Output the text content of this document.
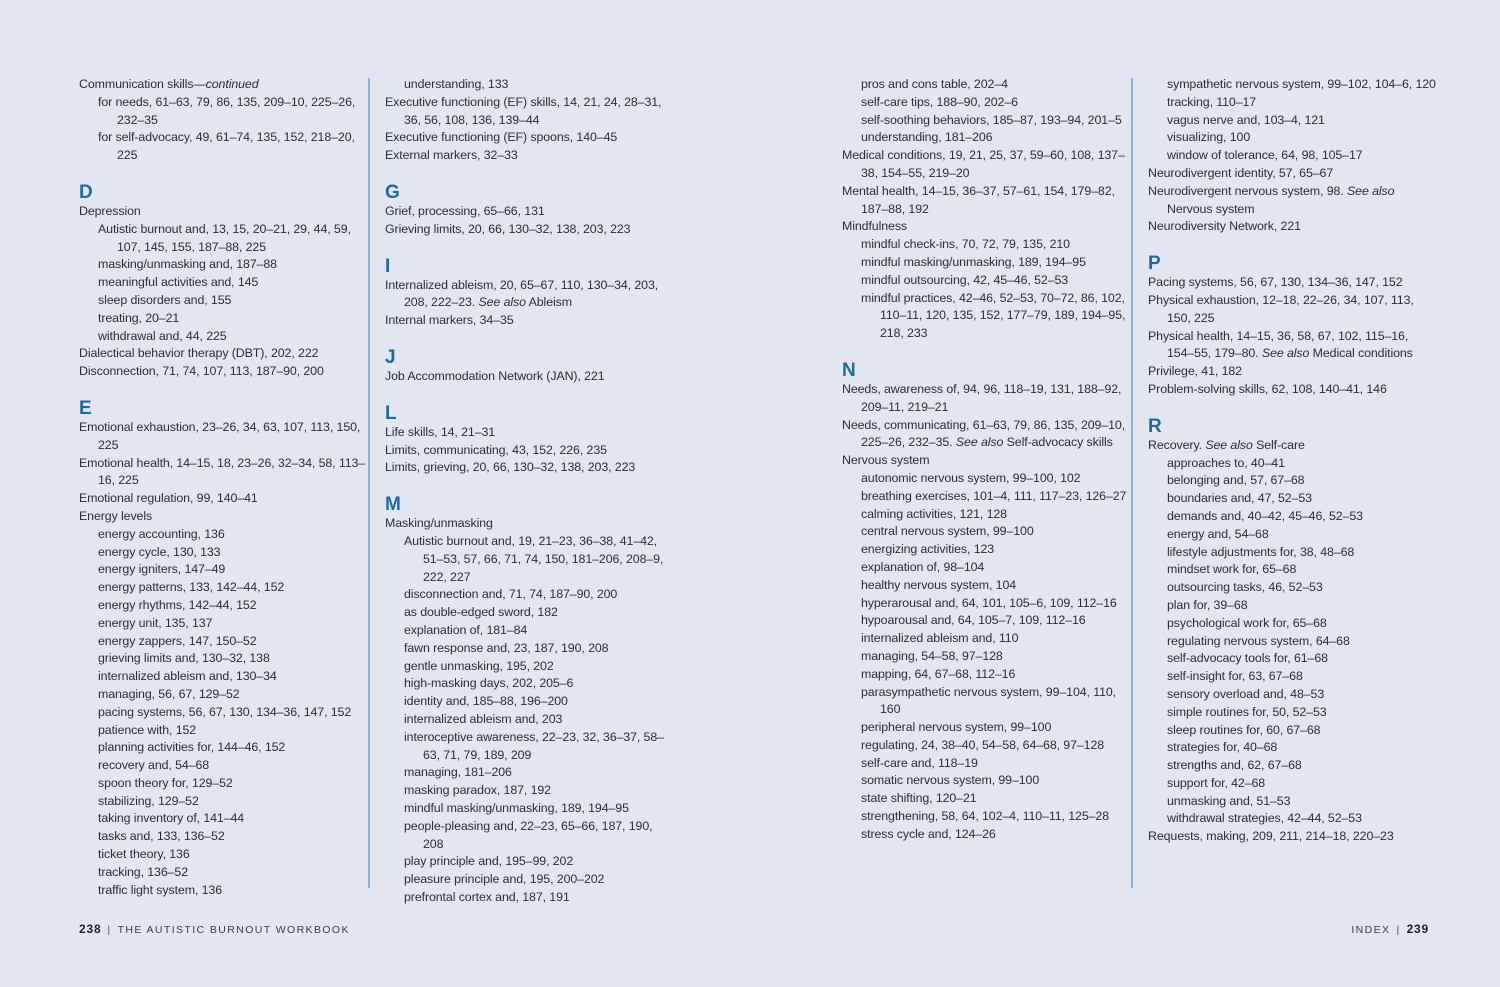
Communication skills—continued

for needs, 61–63, 79, 86, 135, 209–10, 225–26, 232–35

for self-advocacy, 49, 61–74, 135, 152, 218–20, 225

D

Depression

Autistic burnout and, 13, 15, 20–21, 29, 44, 59, 107, 145, 155, 187–88, 225

masking/unmasking and, 187–88

meaningful activities and, 145

sleep disorders and, 155

treating, 20–21

withdrawal and, 44, 225

Dialectical behavior therapy (DBT), 202, 222

Disconnection, 71, 74, 107, 113, 187–90, 200

E

Emotional exhaustion, 23–26, 34, 63, 107, 113, 150, 225

Emotional health, 14–15, 18, 23–26, 32–34, 58, 113–16, 225

Emotional regulation, 99, 140–41

Energy levels

energy accounting, 136

energy cycle, 130, 133

energy igniters, 147–49

energy patterns, 133, 142–44, 152

energy rhythms, 142–44, 152

energy unit, 135, 137

energy zappers, 147, 150–52

grieving limits and, 130–32, 138

internalized ableism and, 130–34

managing, 56, 67, 129–52

pacing systems, 56, 67, 130, 134–36, 147, 152

patience with, 152

planning activities for, 144–46, 152

recovery and, 54–68

spoon theory for, 129–52

stabilizing, 129–52

taking inventory of, 141–44

tasks and, 133, 136–52

ticket theory, 136

tracking, 136–52

traffic light system, 136

understanding, 133

Executive functioning (EF) skills, 14, 21, 24, 28–31, 36, 56, 108, 136, 139–44

Executive functioning (EF) spoons, 140–45

External markers, 32–33

G

Grief, processing, 65–66, 131

Grieving limits, 20, 66, 130–32, 138, 203, 223

I

Internalized ableism, 20, 65–67, 110, 130–34, 203, 208, 222–23. See also Ableism

Internal markers, 34–35

J

Job Accommodation Network (JAN), 221

L

Life skills, 14, 21–31

Limits, communicating, 43, 152, 226, 235

Limits, grieving, 20, 66, 130–32, 138, 203, 223

M

Masking/unmasking

Autistic burnout and, 19, 21–23, 36–38, 41–42, 51–53, 57, 66, 71, 74, 150, 181–206, 208–9, 222, 227

disconnection and, 71, 74, 187–90, 200

as double-edged sword, 182

explanation of, 181–84

fawn response and, 23, 187, 190, 208

gentle unmasking, 195, 202

high-masking days, 202, 205–6

identity and, 185–88, 196–200

internalized ableism and, 203

interoceptive awareness, 22–23, 32, 36–37, 58–63, 71, 79, 189, 209

managing, 181–206

masking paradox, 187, 192

mindful masking/unmasking, 189, 194–95

people-pleasing and, 22–23, 65–66, 187, 190, 208

play principle and, 195–99, 202

pleasure principle and, 195, 200–202

prefrontal cortex and, 187, 191

pros and cons table, 202–4

self-care tips, 188–90, 202–6

self-soothing behaviors, 185–87, 193–94, 201–5

understanding, 181–206

Medical conditions, 19, 21, 25, 37, 59–60, 108, 137–38, 154–55, 219–20

Mental health, 14–15, 36–37, 57–61, 154, 179–82, 187–88, 192

Mindfulness

mindful check-ins, 70, 72, 79, 135, 210

mindful masking/unmasking, 189, 194–95

mindful outsourcing, 42, 45–46, 52–53

mindful practices, 42–46, 52–53, 70–72, 86, 102, 110–11, 120, 135, 152, 177–79, 189, 194–95, 218, 233

N

Needs, awareness of, 94, 96, 118–19, 131, 188–92, 209–11, 219–21

Needs, communicating, 61–63, 79, 86, 135, 209–10, 225–26, 232–35. See also Self-advocacy skills

Nervous system

autonomic nervous system, 99–100, 102

breathing exercises, 101–4, 111, 117–23, 126–27

calming activities, 121, 128

central nervous system, 99–100

energizing activities, 123

explanation of, 98–104

healthy nervous system, 104

hyperarousal and, 64, 101, 105–6, 109, 112–16

hypoarousal and, 64, 105–7, 109, 112–16

internalized ableism and, 110

managing, 54–58, 97–128

mapping, 64, 67–68, 112–16

parasympathetic nervous system, 99–104, 110, 160

peripheral nervous system, 99–100

regulating, 24, 38–40, 54–58, 64–68, 97–128

self-care and, 118–19

somatic nervous system, 99–100

state shifting, 120–21

strengthening, 58, 64, 102–4, 110–11, 125–28

stress cycle and, 124–26

sympathetic nervous system, 99–102, 104–6, 120

tracking, 110–17

vagus nerve and, 103–4, 121

visualizing, 100

window of tolerance, 64, 98, 105–17

Neurodivergent identity, 57, 65–67

Neurodivergent nervous system, 98. See also Nervous system

Neurodiversity Network, 221

P

Pacing systems, 56, 67, 130, 134–36, 147, 152

Physical exhaustion, 12–18, 22–26, 34, 107, 113, 150, 225

Physical health, 14–15, 36, 58, 67, 102, 115–16, 154–55, 179–80. See also Medical conditions

Privilege, 41, 182

Problem-solving skills, 62, 108, 140–41, 146

R

Recovery. See also Self-care

approaches to, 40–41

belonging and, 57, 67–68

boundaries and, 47, 52–53

demands and, 40–42, 45–46, 52–53

energy and, 54–68

lifestyle adjustments for, 38, 48–68

mindset work for, 65–68

outsourcing tasks, 46, 52–53

plan for, 39–68

psychological work for, 65–68

regulating nervous system, 64–68

self-advocacy tools for, 61–68

self-insight for, 63, 67–68

sensory overload and, 48–53

simple routines for, 50, 52–53

sleep routines for, 60, 67–68

strategies for, 40–68

strengths and, 62, 67–68

support for, 42–68

unmasking and, 51–53

withdrawal strategies, 42–44, 52–53

Requests, making, 209, 211, 214–18, 220–23

238 | THE AUTISTIC BURNOUT WORKBOOK	INDEX | 239
